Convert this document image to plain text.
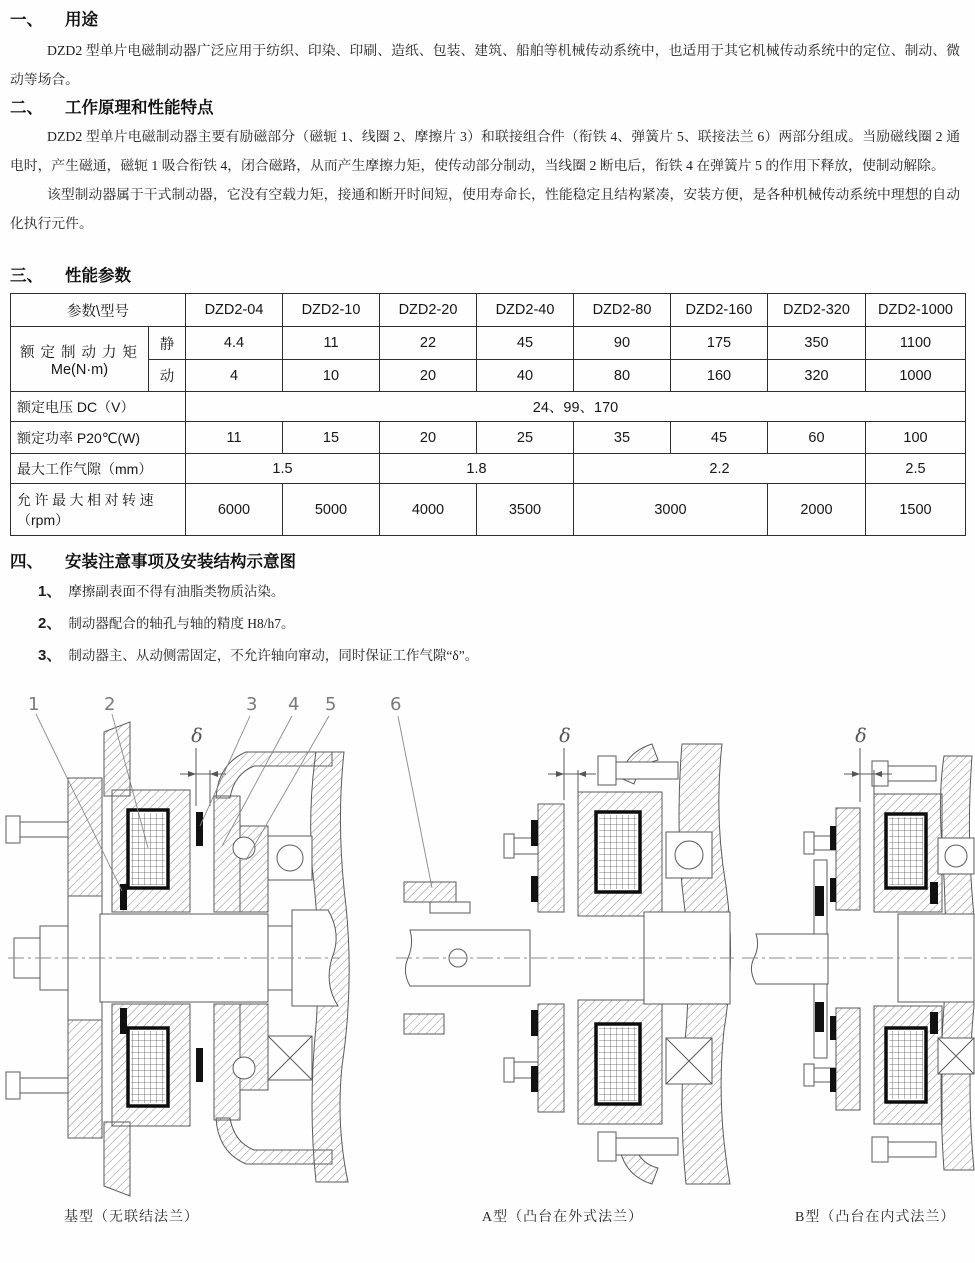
一、	用途

DZD2 型单片电磁制动器广泛应用于纺织、印染、印刷、造纸、包装、建筑、船舶等机械传动系统中，也适用于其它机械传动系统中的定位、制动、微动等场合。

二、	工作原理和性能特点

DZD2 型单片电磁制动器主要有励磁部分（磁轭 1、线圈 2、摩擦片 3）和联接组合件（衔铁 4、弹簧片 5、联接法兰 6）两部分组成。当励磁线圈 2 通电时，产生磁通，磁轭 1 吸合衔铁 4，闭合磁路，从而产生摩擦力矩，使传动部分制动，当线圈 2 断电后，衔铁 4 在弹簧片 5 的作用下释放，使制动解除。

该型制动器属于干式制动器，它没有空载力矩，接通和断开时间短，使用寿命长，性能稳定且结构紧凑，安装方便，是各种机械传动系统中理想的自动化执行元件。

三、	性能参数
参数\型号		DZD2-04	DZD2-10	DZD2-20	DZD2-40	DZD2-80	DZD2-160	DZD2-320	DZD2-1000

额定制动力矩
Me(N·m)	静	4.4	11	22	45	90	175	350	1100
	动	4	10	20	40	80	160	320	1000
额定电压 DC（V）		24、99、170							
额定功率 P20℃(W)		11	15	20	25	35	45	60	100
最大工作气隙（mm）		1.5		1.8		2.2			2.5

允许最大相对转速
（rpm）		6000	5000	4000	3500	3000		2000	1500
四、	安装注意事项及安装结构示意图
1、 摩擦副表面不得有油脂类物质沾染。
2、 制动器配合的轴孔与轴的精度 H8/h7。
3、 制动器主、从动侧需固定，不允许轴向窜动，同时保证工作气隙“δ”。
δ
1	2	3 4 5	6
δ	δ
基型（无联结法兰）	A型（凸台在外式法兰）	B型（凸台在内式法兰）
